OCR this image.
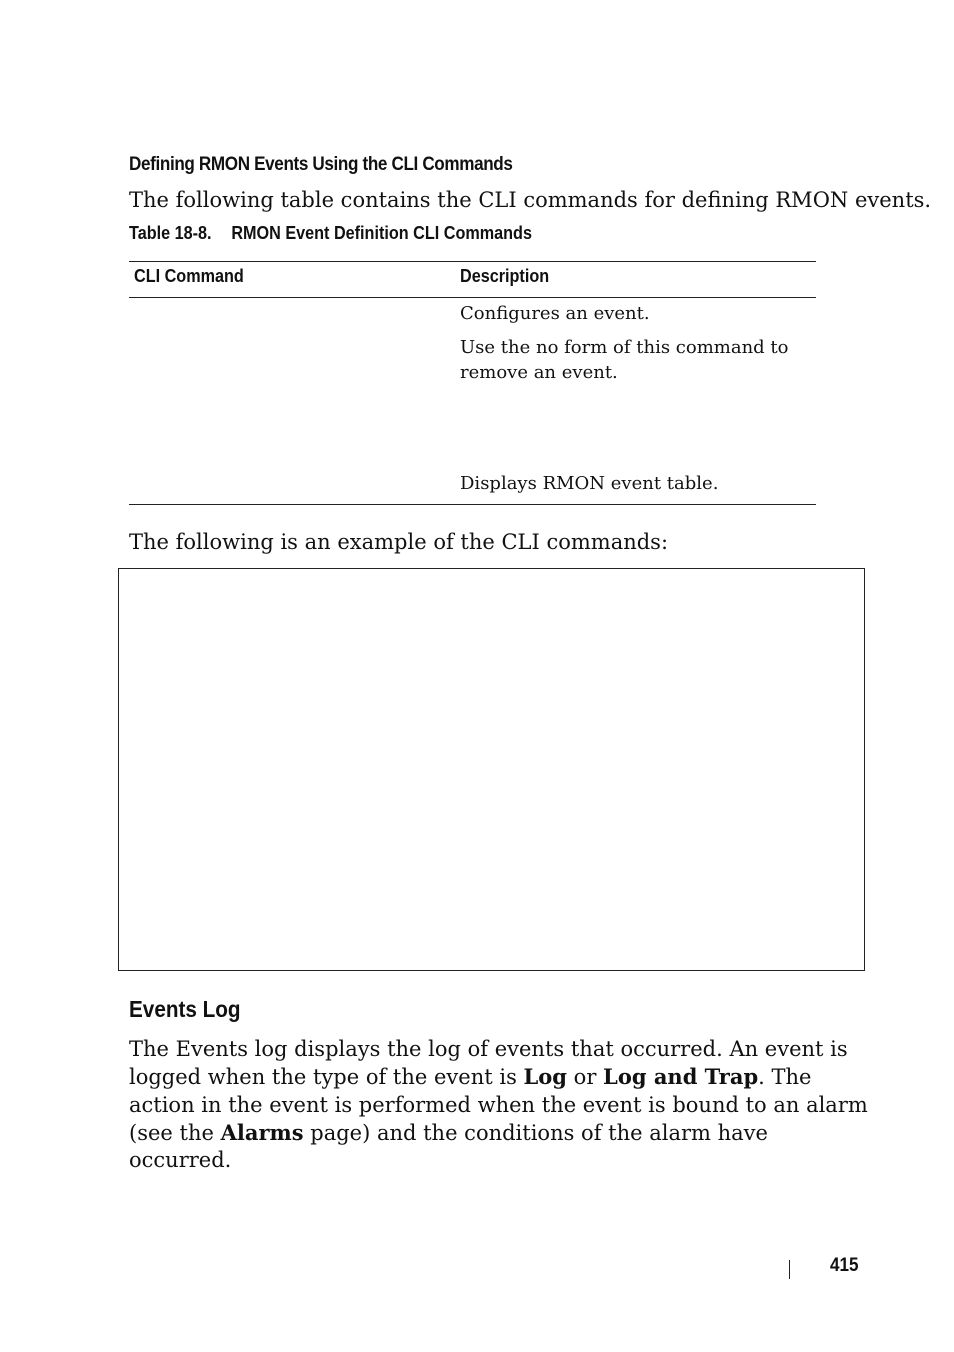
Defining RMON Events Using the CLI Commands
The following table contains the CLI commands for defining RMON events.
Table 18-8. RMON Event Definition CLI Commands
CLI Command	Description
Configures an event.
Use the no form of this command to remove an event.
Displays RMON event table.
The following is an example of the CLI commands:
Events Log
The Events log displays the log of events that occurred. An event is logged when the type of the event is Log or Log and Trap. The action in the event is performed when the event is bound to an alarm (see the Alarms page) and the conditions of the alarm have occurred.
415
